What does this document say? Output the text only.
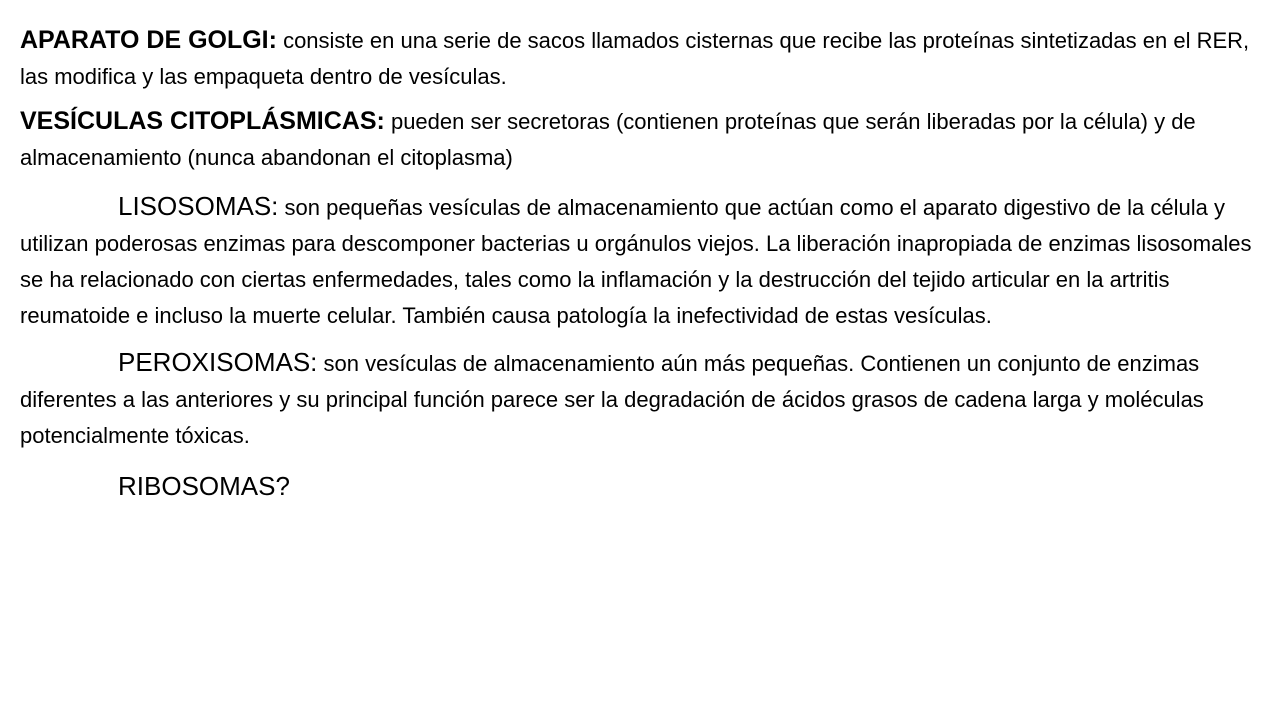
APARATO DE GOLGI: consiste en una serie de sacos llamados cisternas que recibe las proteínas sintetizadas en el RER, las modifica y las empaqueta dentro de vesículas.

VESÍCULAS CITOPLÁSMICAS: pueden ser secretoras (contienen proteínas que serán liberadas por la célula) y de almacenamiento (nunca abandonan el citoplasma)

LISOSOMAS: son pequeñas vesículas de almacenamiento que actúan como el aparato digestivo de la célula y utilizan poderosas enzimas para descomponer bacterias u orgánulos viejos. La liberación inapropiada de enzimas lisosomales se ha relacionado con ciertas enfermedades, tales como la inflamación y la destrucción del tejido articular en la artritis reumatoide e incluso la muerte celular. También causa patología la inefectividad de estas vesículas.

PEROXISOMAS: son vesículas de almacenamiento aún más pequeñas. Contienen un conjunto de enzimas diferentes a las anteriores y su principal función parece ser la degradación de ácidos grasos de cadena larga y moléculas potencialmente tóxicas.

RIBOSOMAS?
